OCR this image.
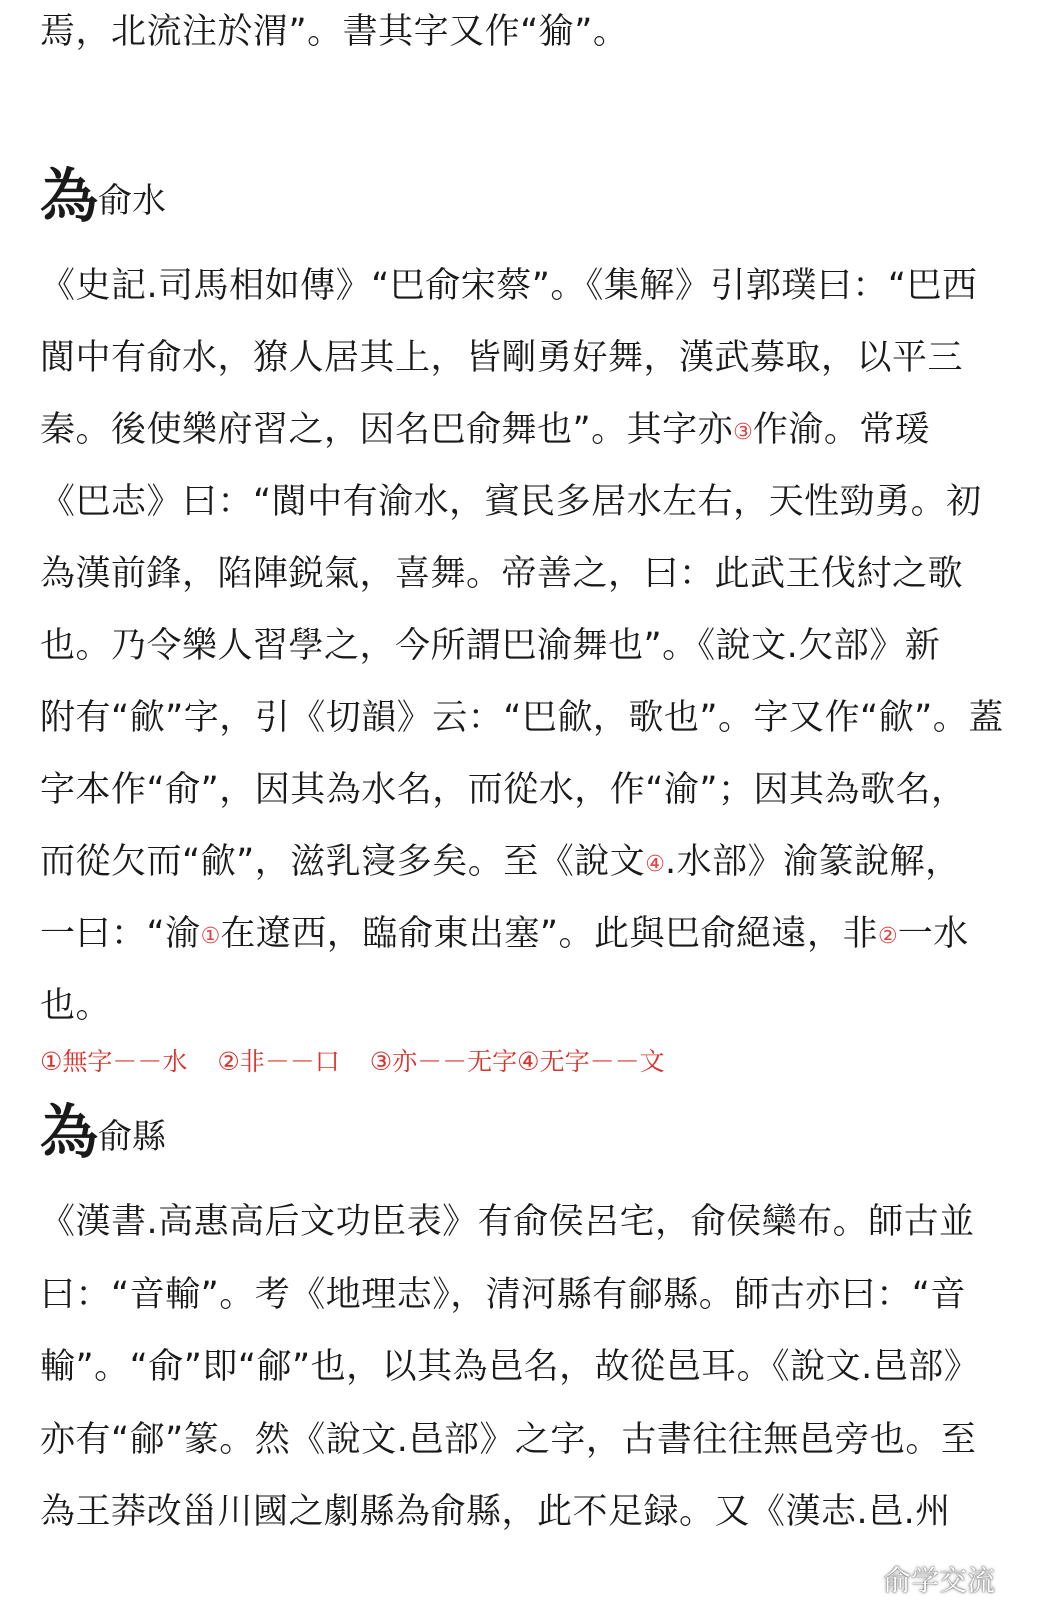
焉，北流注於渭”。書其字又作“㺄”。
為俞水
《史記.司馬相如傳》“巴俞宋蔡”。《集解》引郭璞曰：“巴西
閬中有俞水，獠人居其上，皆剛勇好舞，漢武募取，以平三
秦。後使樂府習之，因名巴俞舞也”。其字亦③作渝。常瑗
《巴志》曰：“閬中有渝水，賓民多居水左右，天性勁勇。初
為漢前鋒，陷陣鋭氣，喜舞。帝善之，曰：此武王伐紂之歌
也。乃令樂人習學之，今所謂巴渝舞也”。《說文.欠部》新
附有“歈”字，引《切韻》云：“巴歈，歌也”。字又作“歈”。蓋
字本作“俞”，因其為水名，而從水，作“渝”；因其為歌名，
而從欠而“歈”，滋乳寖多矣。至《說文④.水部》渝篆說解，
一曰：“渝①在遼西，臨俞東出塞”。此與巴俞絕遠，非②一水
也。
①無字－－水 ②非－－口 ③亦－－无字④无字－－文
為俞縣
《漢書.高惠高后文功臣表》有俞侯呂宅，俞侯欒布。師古並
曰：“音輸”。考《地理志》，清河縣有鄃縣。師古亦曰：“音
輸”。“俞”即“鄃”也，以其為邑名，故從邑耳。《說文.邑部》
亦有“鄃”篆。然《說文.邑部》之字，古書往往無邑旁也。至
為王莽改甾川國之劇縣為俞縣，此不足録。又《漢志.邑.州
俞学交流
